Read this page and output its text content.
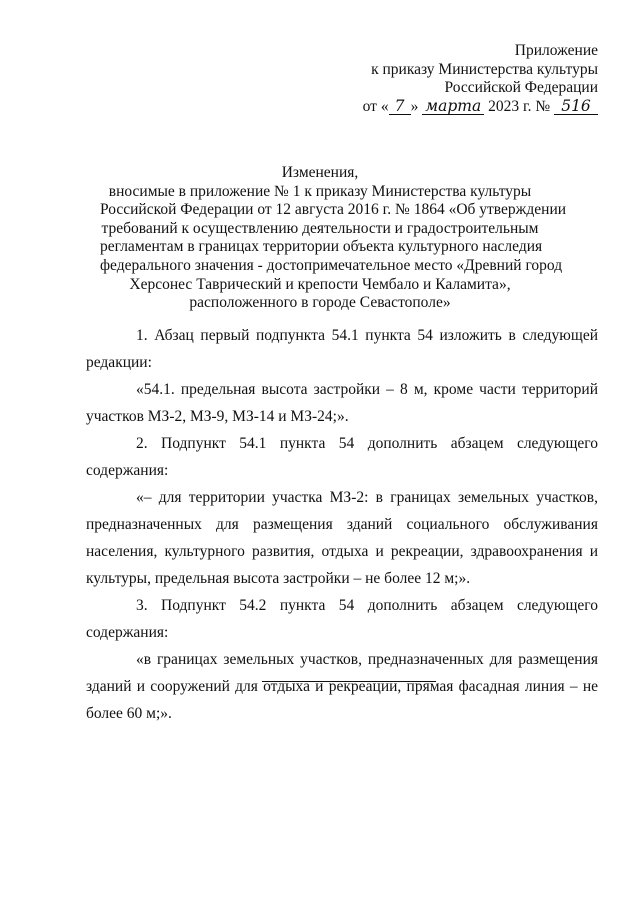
Приложение
к приказу Министерства культуры
Российской Федерации
от « 7 » марта 2023 г. № 516
Изменения,
вносимые в приложение № 1 к приказу Министерства культуры
Российской Федерации от 12 августа 2016 г. № 1864 «Об утверждении
требований к осуществлению деятельности и градостроительным
регламентам в границах территории объекта культурного наследия
федерального значения - достопримечательное место «Древний город
Херсонес Таврический и крепости Чембало и Каламита»,
расположенного в городе Севастополе»

1. Абзац первый подпункта 54.1 пункта 54 изложить в следующей редакции:

«54.1. предельная высота застройки – 8 м, кроме части территорий участков МЗ-2, МЗ-9, МЗ-14 и МЗ-24;».

2. Подпункт 54.1 пункта 54 дополнить абзацем следующего содержания:

«– для территории участка МЗ-2: в границах земельных участков, предназначенных для размещения зданий социального обслуживания населения, культурного развития, отдыха и рекреации, здравоохранения и культуры, предельная высота застройки – не более 12 м;».

3. Подпункт 54.2 пункта 54 дополнить абзацем следующего содержания:

«в границах земельных участков, предназначенных для размещения зданий и сооружений для отдыха и рекреации, прямая фасадная линия – не более 60 м;».
